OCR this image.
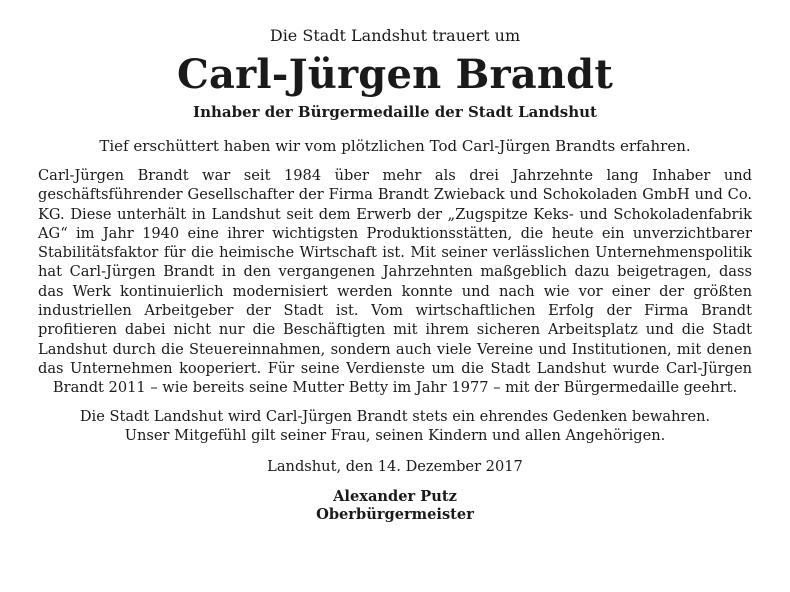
Die Stadt Landshut trauert um

Carl-Jürgen Brandt

Inhaber der Bürgermedaille der Stadt Landshut

Tief erschüttert haben wir vom plötzlichen Tod Carl-Jürgen Brandts erfahren.

Carl-Jürgen Brandt war seit 1984 über mehr als drei Jahrzehnte lang Inhaber und geschäftsführender Gesellschafter der Firma Brandt Zwieback und Schokoladen GmbH und Co. KG. Diese unterhält in Landshut seit dem Erwerb der „Zugspitze Keks- und Schokoladenfabrik AG“ im Jahr 1940 eine ihrer wichtigsten Produktionsstätten, die heute ein unverzichtbarer Stabilitätsfaktor für die heimische Wirtschaft ist. Mit seiner verlässlichen Unternehmenspolitik hat Carl-Jürgen Brandt in den vergangenen Jahrzehnten maßgeblich dazu beigetragen, dass das Werk kontinuierlich modernisiert werden konnte und nach wie vor einer der größten industriellen Arbeitgeber der Stadt ist. Vom wirtschaftlichen Erfolg der Firma Brandt profitieren dabei nicht nur die Beschäftigten mit ihrem sicheren Arbeitsplatz und die Stadt Landshut durch die Steuereinnahmen, sondern auch viele Vereine und Institutionen, mit denen das Unternehmen kooperiert. Für seine Verdienste um die Stadt Landshut wurde Carl-Jürgen Brandt 2011 – wie bereits seine Mutter Betty im Jahr 1977 – mit der Bürgermedaille geehrt.

Die Stadt Landshut wird Carl-Jürgen Brandt stets ein ehrendes Gedenken bewahren.
Unser Mitgefühl gilt seiner Frau, seinen Kindern und allen Angehörigen.

Landshut, den 14. Dezember 2017

Alexander Putz
Oberbürgermeister
